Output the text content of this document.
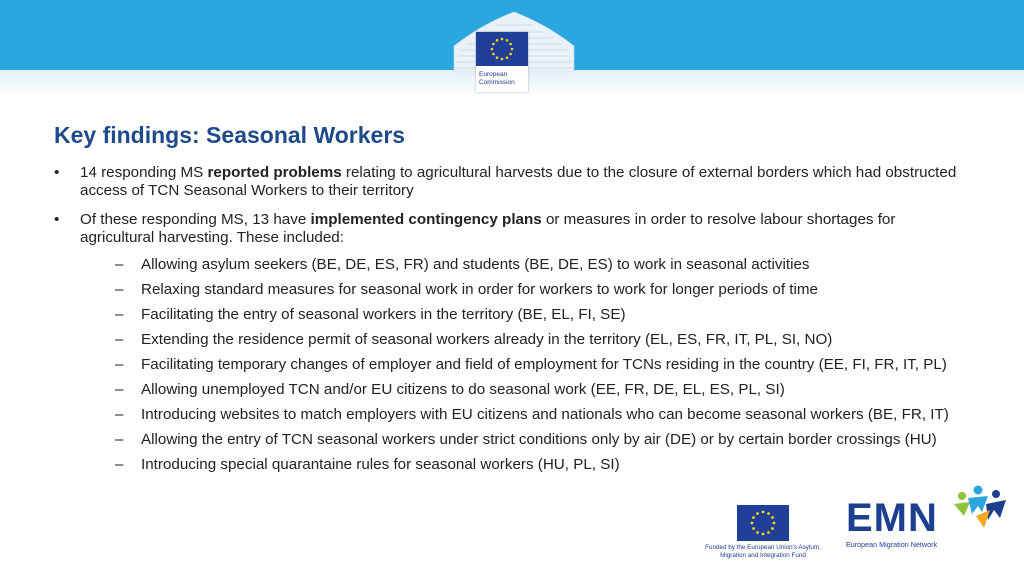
European
Commission
Key findings: Seasonal Workers
• 14 responding MS reported problems relating to agricultural harvests due to the closure of external borders which had obstructed access of TCN Seasonal Workers to their territory
• Of these responding MS, 13 have implemented contingency plans or measures in order to resolve labour shortages for agricultural harvesting. These included:
– Allowing asylum seekers (BE, DE, ES, FR) and students (BE, DE, ES) to work in seasonal activities
– Relaxing standard measures for seasonal work in order for workers to work for longer periods of time
– Facilitating the entry of seasonal workers in the territory (BE, EL, FI, SE)
– Extending the residence permit of seasonal workers already in the territory (EL, ES, FR, IT, PL, SI, NO)
– Facilitating temporary changes of employer and field of employment for TCNs residing in the country (EE, FI, FR, IT, PL)
– Allowing unemployed TCN and/or EU citizens to do seasonal work (EE, FR, DE, EL, ES, PL, SI)
– Introducing websites to match employers with EU citizens and nationals who can become seasonal workers (BE, FR, IT)
– Allowing the entry of TCN seasonal workers under strict conditions only by air (DE) or by certain border crossings (HU)
– Introducing special quarantaine rules for seasonal workers (HU, PL, SI)
Funded by the European Union's Asylum,
Migration and Integration Fund
EMN
European Migration Network
